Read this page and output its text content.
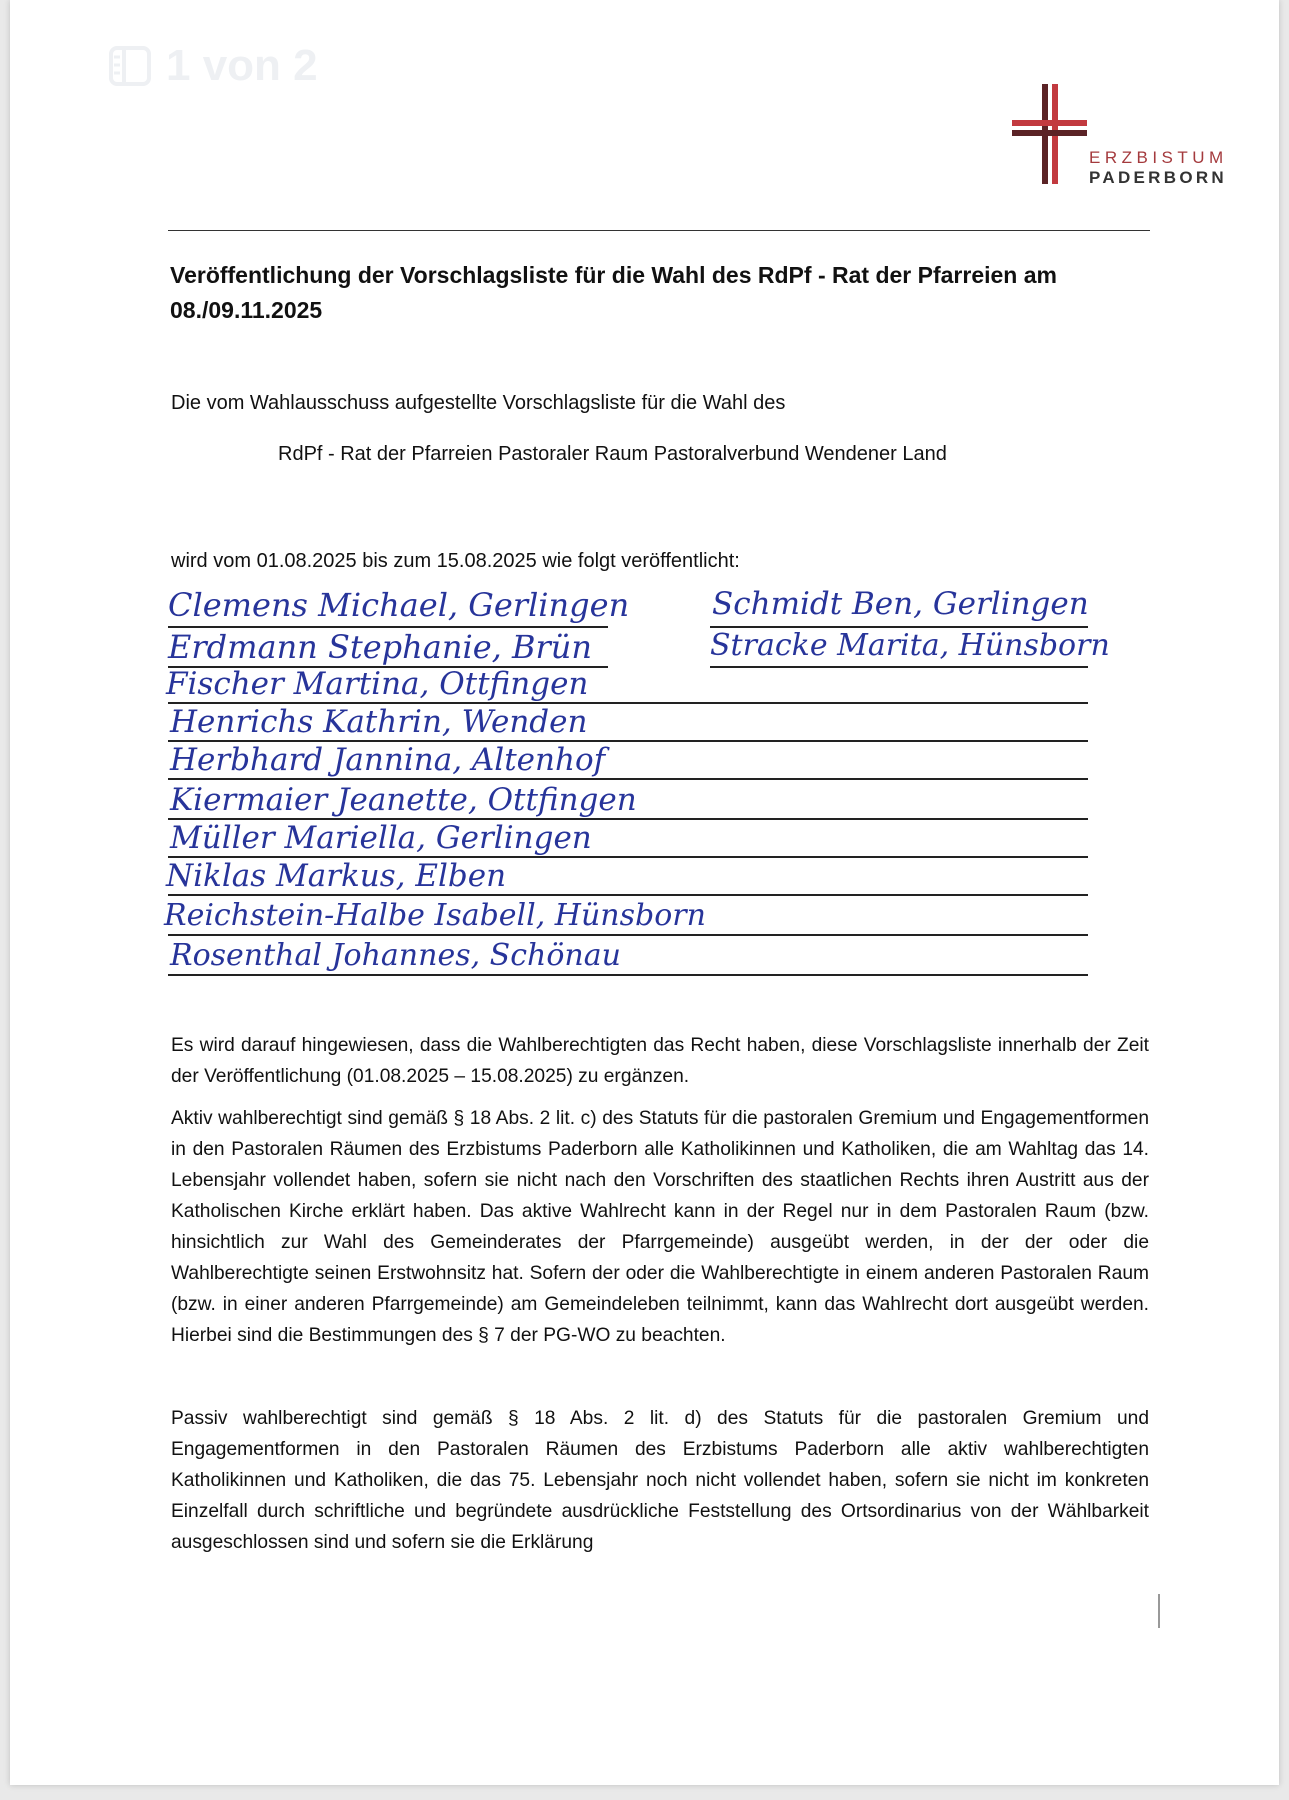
1 von 2
ERZBISTUM
PADERBORN
Veröffentlichung der Vorschlagsliste für die Wahl des RdPf - Rat der Pfarreien am 08./09.11.2025
Die vom Wahlausschuss aufgestellte Vorschlagsliste für die Wahl des
RdPf - Rat der Pfarreien Pastoraler Raum Pastoralverbund Wendener Land
wird vom 01.08.2025 bis zum 15.08.2025 wie folgt veröffentlicht:
Clemens Michael, Gerlingen	Schmidt Ben, Gerlingen
Erdmann Stephanie, Brün	Stracke Marita, Hünsborn
Fischer Martina, Ottfingen
Henrichs Kathrin, Wenden
Herbhard Jannina, Altenhof
Kiermaier Jeanette, Ottfingen
Müller Mariella, Gerlingen
Niklas Markus, Elben
Reichstein-Halbe Isabell, Hünsborn
Rosenthal Johannes, Schönau
Es wird darauf hingewiesen, dass die Wahlberechtigten das Recht haben, diese Vorschlagsliste innerhalb der Zeit der Veröffentlichung (01.08.2025 – 15.08.2025) zu ergänzen.
Aktiv wahlberechtigt sind gemäß § 18 Abs. 2 lit. c) des Statuts für die pastoralen Gremium und Engagementformen in den Pastoralen Räumen des Erzbistums Paderborn alle Katholikinnen und Katholiken, die am Wahltag das 14. Lebensjahr vollendet haben, sofern sie nicht nach den Vorschriften des staatlichen Rechts ihren Austritt aus der Katholischen Kirche erklärt haben. Das aktive Wahlrecht kann in der Regel nur in dem Pastoralen Raum (bzw. hinsichtlich zur Wahl des Gemeinderates der Pfarrgemeinde) ausgeübt werden, in der der oder die Wahlberechtigte seinen Erstwohnsitz hat. Sofern der oder die Wahlberechtigte in einem anderen Pastoralen Raum (bzw. in einer anderen Pfarrgemeinde) am Gemeindeleben teilnimmt, kann das Wahlrecht dort ausgeübt werden. Hierbei sind die Bestimmungen des § 7 der PG-WO zu beachten.
Passiv wahlberechtigt sind gemäß § 18 Abs. 2 lit. d) des Statuts für die pastoralen Gremium und Engagementformen in den Pastoralen Räumen des Erzbistums Paderborn alle aktiv wahlberechtigten Katholikinnen und Katholiken, die das 75. Lebensjahr noch nicht vollendet haben, sofern sie nicht im konkreten Einzelfall durch schriftliche und begründete ausdrückliche Feststellung des Ortsordinarius von der Wählbarkeit ausgeschlossen sind und sofern sie die Erklärung
